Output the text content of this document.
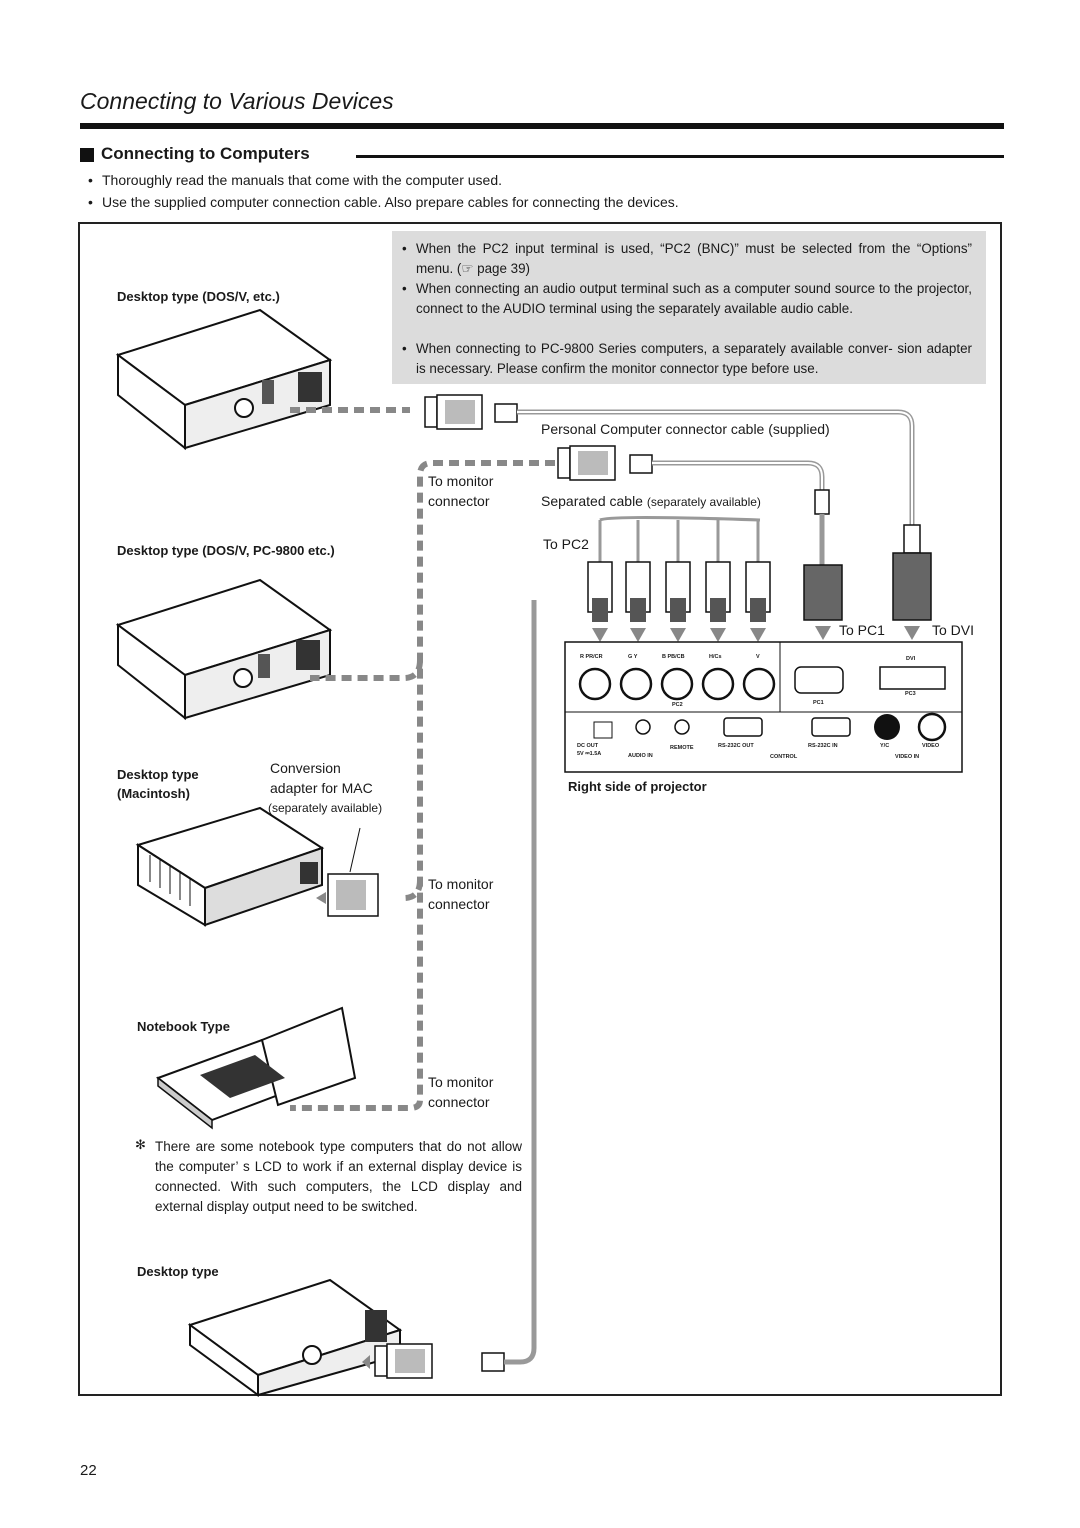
Connecting to Various Devices
Connecting to Computers
• Thoroughly read the manuals that come with the computer used.
• Use the supplied computer connection cable. Also prepare cables for connecting the devices.
• When the PC2 input terminal is used, “PC2 (BNC)” must be selected from the “Options” menu. (☞ page 39)
• When connecting an audio output terminal such as a computer sound source to the projector, connect to the AUDIO terminal using the separately available audio cable.
• When connecting to PC-9800 Series computers, a separately available conver- sion adapter is necessary. Please confirm the monitor connector type before use.
Desktop type (DOS/V, etc.)
Desktop type (DOS/V, PC-9800 etc.)
Desktop type
(Macintosh)
Notebook Type
Desktop type
Personal Computer connector cable (supplied)
To monitor
connector	Separated cable (separately available)
To PC2
To PC1	To DVI
Conversion
adapter for MAC
(separately available)
To monitor
connector
To monitor
connector
Right side of projector
R PR/CR	G Y	B PB/CB	H/Cs	V
PC2	PC1
DVI
PC3
DC OUT
5V ⎓1.5A	AUDIO IN
REMOTE	RS-232C OUT	RS-232C IN
CONTROL
Y/C	VIDEO
VIDEO IN
✻ There are some notebook type computers that do not allow the computer’ s LCD to work if an external display device is connected. With such computers, the LCD display and external display output need to be switched.
22
